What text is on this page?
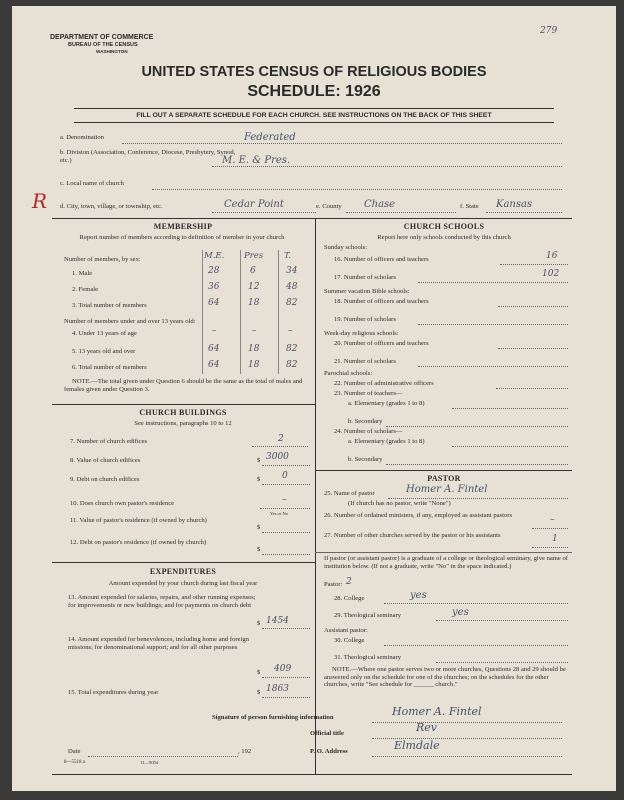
279
DEPARTMENT OF COMMERCE
BUREAU OF THE CENSUS
WASHINGTON
UNITED STATES CENSUS OF RELIGIOUS BODIES
SCHEDULE: 1926
FILL OUT A SEPARATE SCHEDULE FOR EACH CHURCH. SEE INSTRUCTIONS ON THE BACK OF THIS SHEET
a. Denomination	Federated
b. Division (Association, Conference, Diocese, Presbytery, Synod, etc.)	M. E. & Pres.
c. Local name of church
R d. City, town, village, or township, etc.	Cedar Point	e. County Chase	f. State Kansas
MEMBERSHIP
Report number of members according to definition of member in your church
Number of members, by sex:	M.E. Pres T.
1. Male	28	6	34
2. Female	36	12	48
3. Total number of members	64	18	82
Number of members under and over 13 years old:
4. Under 13 years of age	–	–	–
5. 13 years old and over	64	18	82
6. Total number of members	64	18	82
NOTE.—The total given under Question 6 should be the same as the total of males and females given under Question 3.
CHURCH BUILDINGS
See instructions, paragraphs 10 to 12
7. Number of church edifices	2
8. Value of church edifices	$ 3000
9. Debt on church edifices	$ 0
10. Does church own pastor's residence	–
Yes or No
11. Value of pastor's residence (if owned by church)
$
12. Debt on pastor's residence (if owned by church)
$
EXPENDITURES
Amount expended by your church during last fiscal year
13. Amount expended for salaries, repairs, and other running expenses; for improvements or new buildings; and for payments on church debt
$ 1454
14. Amount expended for benevolences, including home and foreign missions; for denominational support; and for all other purposes
$ 409
15. Total expenditures during year	$ 1863
CHURCH SCHOOLS
Report here only schools conducted by this church
Sunday schools:
16. Number of officers and teachers	16
17. Number of scholars	102
Summer vacation Bible schools:
18. Number of officers and teachers
19. Number of scholars
Week-day religious schools:
20. Number of officers and teachers
21. Number of scholars
Parochial schools:
22. Number of administrative officers
23. Number of teachers—
a. Elementary (grades 1 to 8)
b. Secondary
24. Number of scholars—
a. Elementary (grades 1 to 8)
b. Secondary
PASTOR
25. Name of pastor	Homer A. Fintel
(If church has no pastor, write "None")
26. Number of ordained ministers, if any, employed as assistant pastors	–
27. Number of other churches served by the pastor or his assistants	1
If pastor (or assistant pastor) is a graduate of a college or theological seminary, give name of institution below. (If not a graduate, write "No" in the space indicated.)
Pastor: 2
28. College	yes
29. Theological seminary	yes
Assistant pastor:
30. College
31. Theological seminary
NOTE.—Where one pastor serves two or more churches, Questions 28 and 29 should be answered only on the schedule for one of the churches; on the schedules for the other churches, write "See schedule for ______ church."
Signature of person furnishing information	Homer A. Fintel
Official title	Rev
Date	, 192	P. O. Address	Elmdale
8—5518 a	11—9054
